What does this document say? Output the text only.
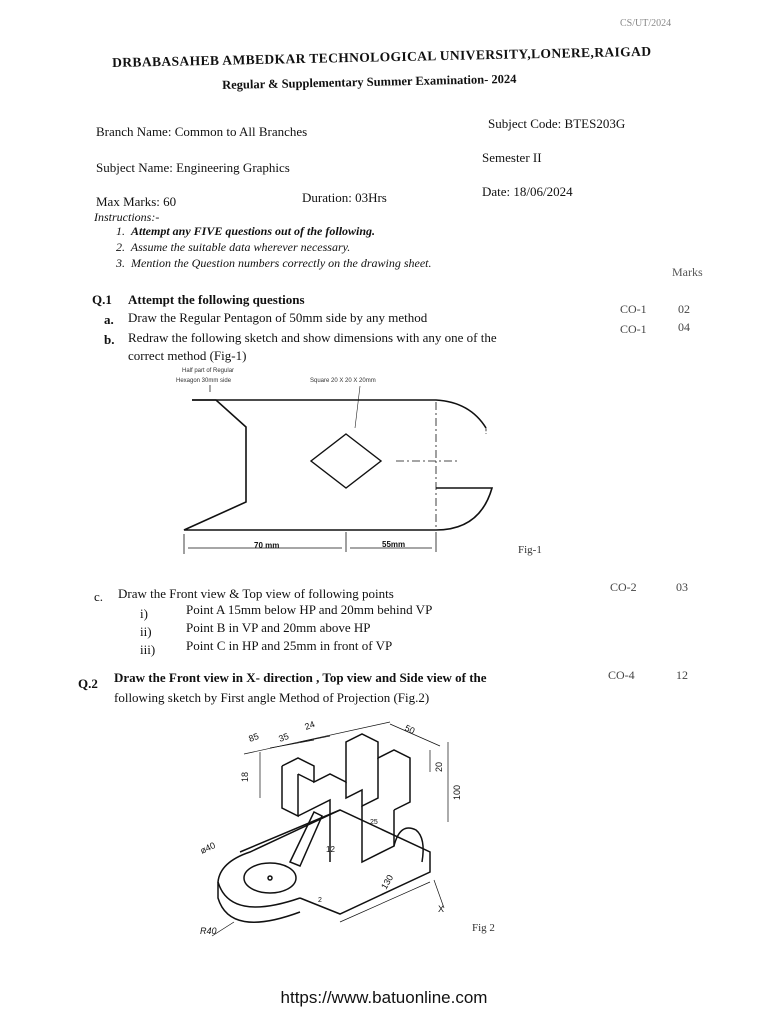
CS/UT/2024
DRBABASAHEB AMBEDKAR TECHNOLOGICAL UNIVERSITY,LONERE,RAIGAD
Regular & Supplementary Summer Examination- 2024
Branch Name: Common to All Branches
Subject Code: BTES203G
Subject Name: Engineering Graphics
Semester II
Max Marks: 60	Duration: 03Hrs	Date: 18/06/2024
Instructions:-
1. Attempt any FIVE questions out of the following.
2. Assume the suitable data wherever necessary.
3. Mention the Question numbers correctly on the drawing sheet.
Marks
Q.1 Attempt the following questions
a. Draw the Regular Pentagon of 50mm side by any method
CO-1	02
b. Redraw the following sketch and show dimensions with any one of the
correct method (Fig-1)
CO-1	04
Half part of Regular
Hexagon 30mm side	Square 20 X 20 X 20mm
70 mm	55mm	Fig-1
c. Draw the Front view & Top view of following points	CO-2	03
i)	Point A 15mm below HP and 20mm behind VP
ii)	Point B in VP and 20mm above HP
iii) Point C in HP and 25mm in front of VP
Q.2 Draw the Front view in X- direction , Top view and Side view of the
following sketch by First angle Method of Projection (Fig.2)
CO-4	12
85 35
24	50
18
20
100
25
ø40	12
130
2
R40
X
Fig 2
https://www.batuonline.com
